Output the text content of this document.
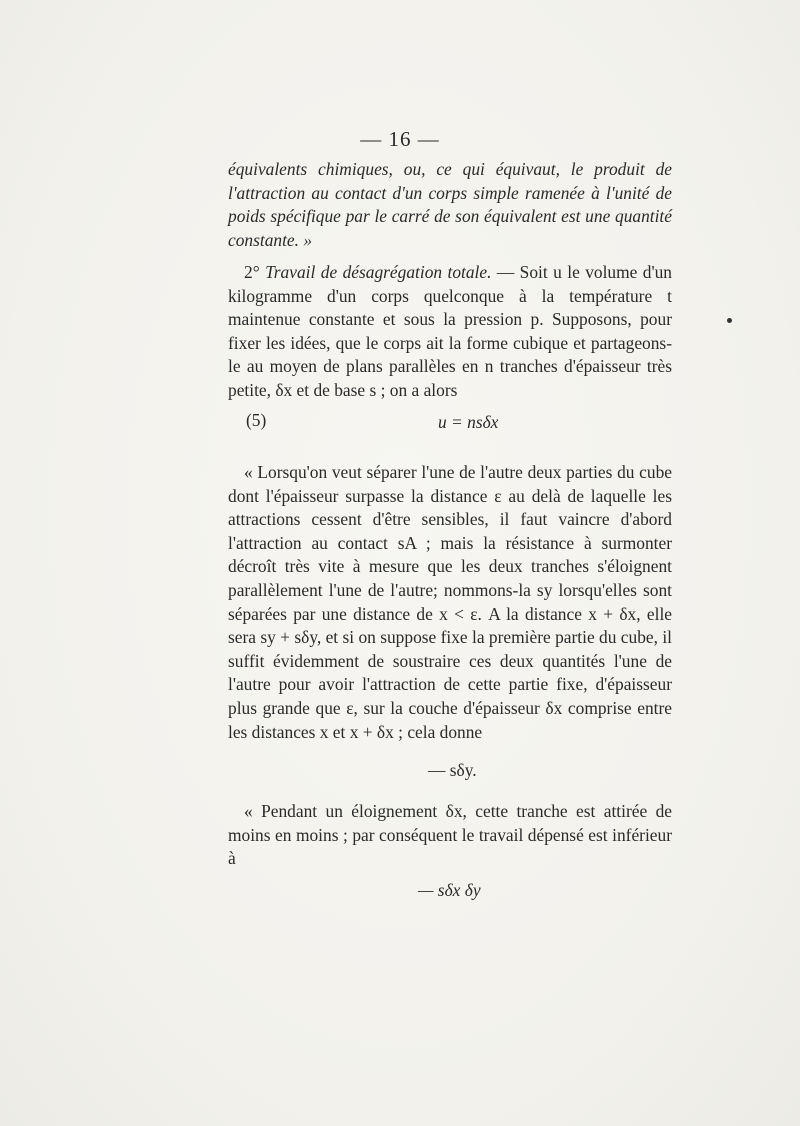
— 16 —
équivalents chimiques, ou, ce qui équivaut, le produit de l'attraction au contact d'un corps simple ramenée à l'unité de poids spécifique par le carré de son équivalent est une quantité constante. »
2° Travail de désagrégation totale. — Soit u le volume d'un kilogramme d'un corps quelconque à la température t maintenue constante et sous la pression p. Supposons, pour fixer les idées, que le corps ait la forme cubique et partageons-le au moyen de plans parallèles en n tranches d'épaisseur très petite, δx et de base s ; on a alors
(5)	u = nsδx
« Lorsqu'on veut séparer l'une de l'autre deux parties du cube dont l'épaisseur surpasse la distance ε au delà de laquelle les attractions cessent d'être sensibles, il faut vaincre d'abord l'attraction au contact sA ; mais la résistance à surmonter décroît très vite à mesure que les deux tranches s'éloignent parallèlement l'une de l'autre; nommons-la sy lorsqu'elles sont séparées par une distance de x < ε. A la distance x + δx, elle sera sy + sδy, et si on suppose fixe la première partie du cube, il suffit évidemment de soustraire ces deux quantités l'une de l'autre pour avoir l'attraction de cette partie fixe, d'épaisseur plus grande que ε, sur la couche d'épaisseur δx comprise entre les distances x et x + δx ; cela donne
— sδy.
« Pendant un éloignement δx, cette tranche est attirée de moins en moins ; par conséquent le travail dépensé est inférieur à
— sδx δy
